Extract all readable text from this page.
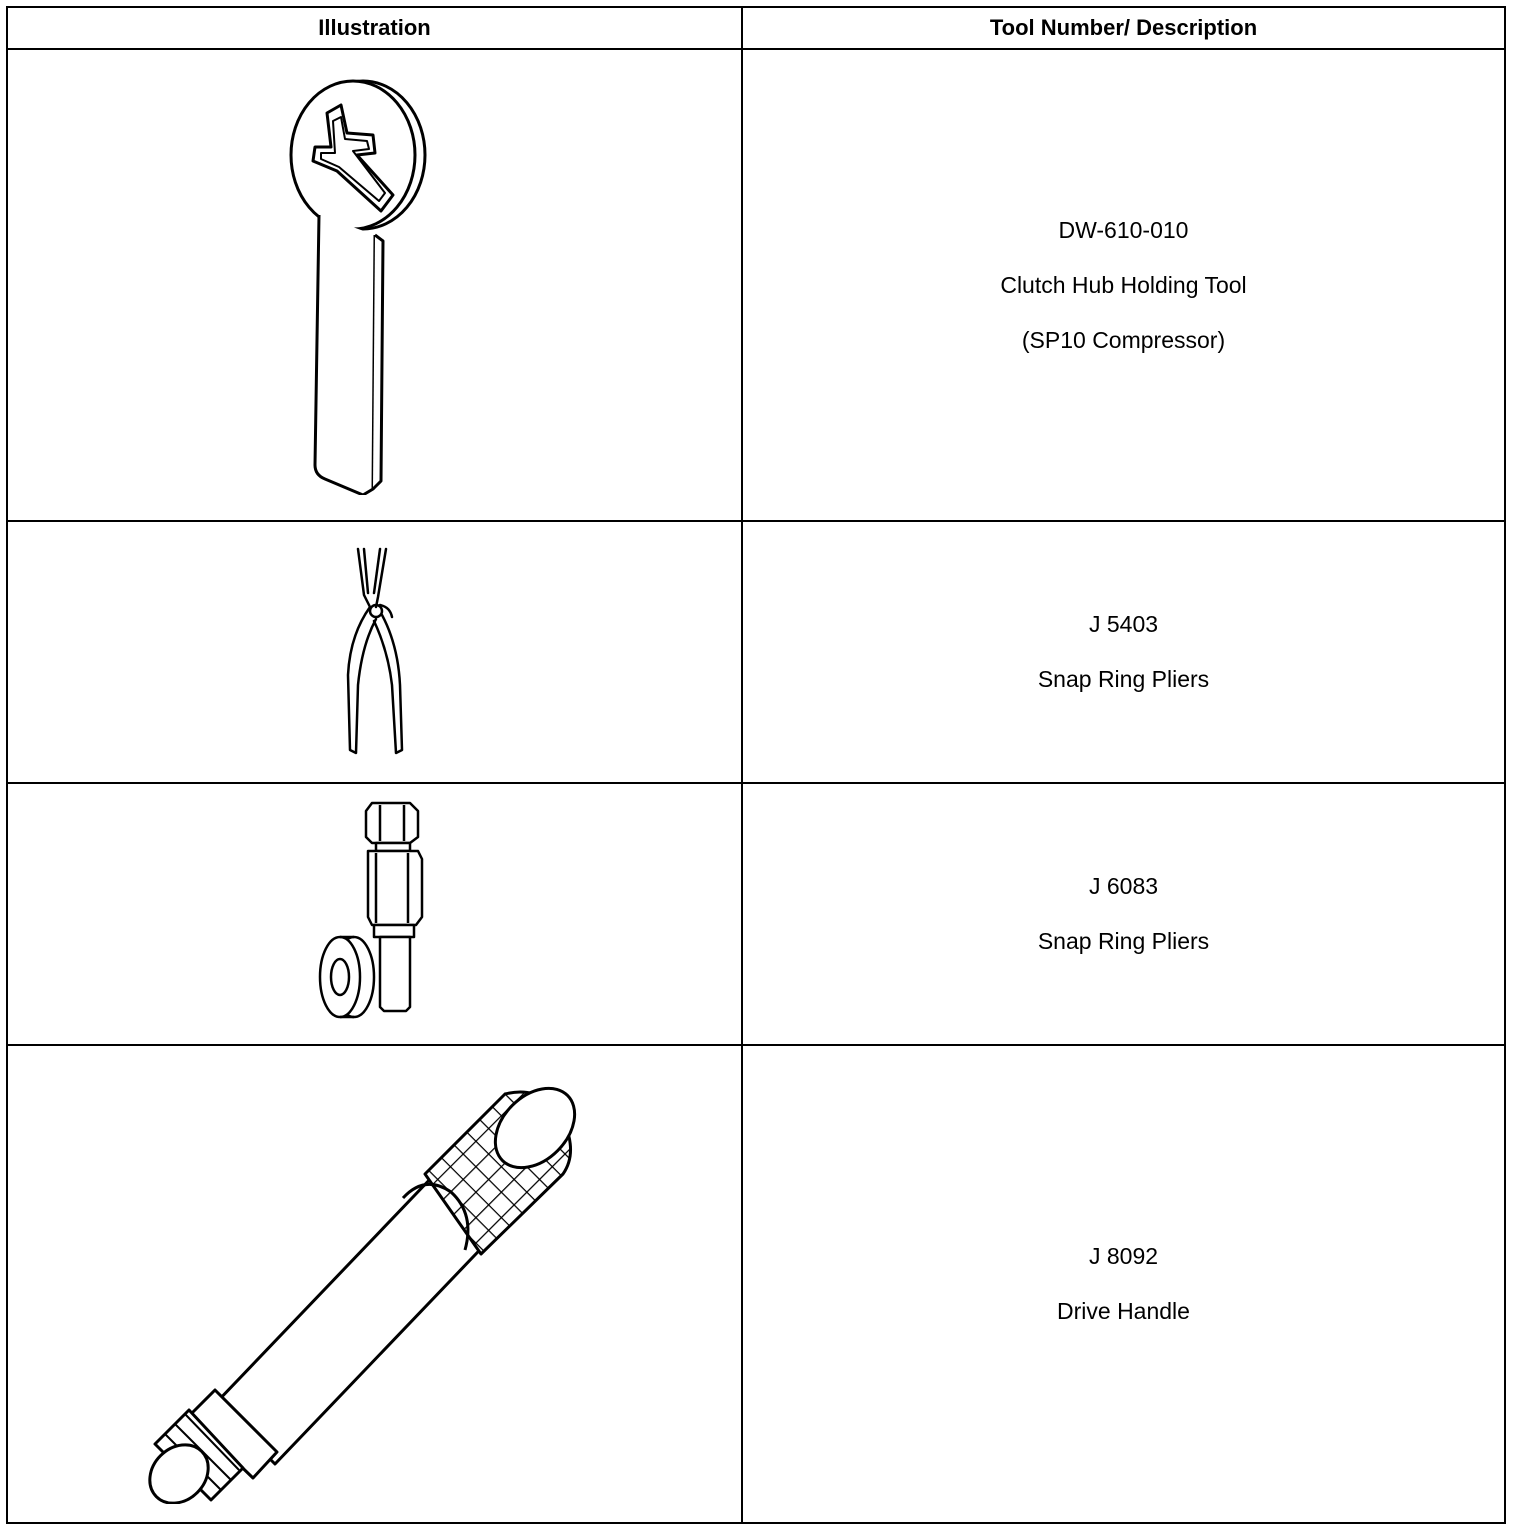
Illustration	Tool Number/ Description

DW-610-010
Clutch Hub Holding Tool
(SP10 Compressor)

J 5403
Snap Ring Pliers

J 6083
Snap Ring Pliers

J 8092
Drive Handle
